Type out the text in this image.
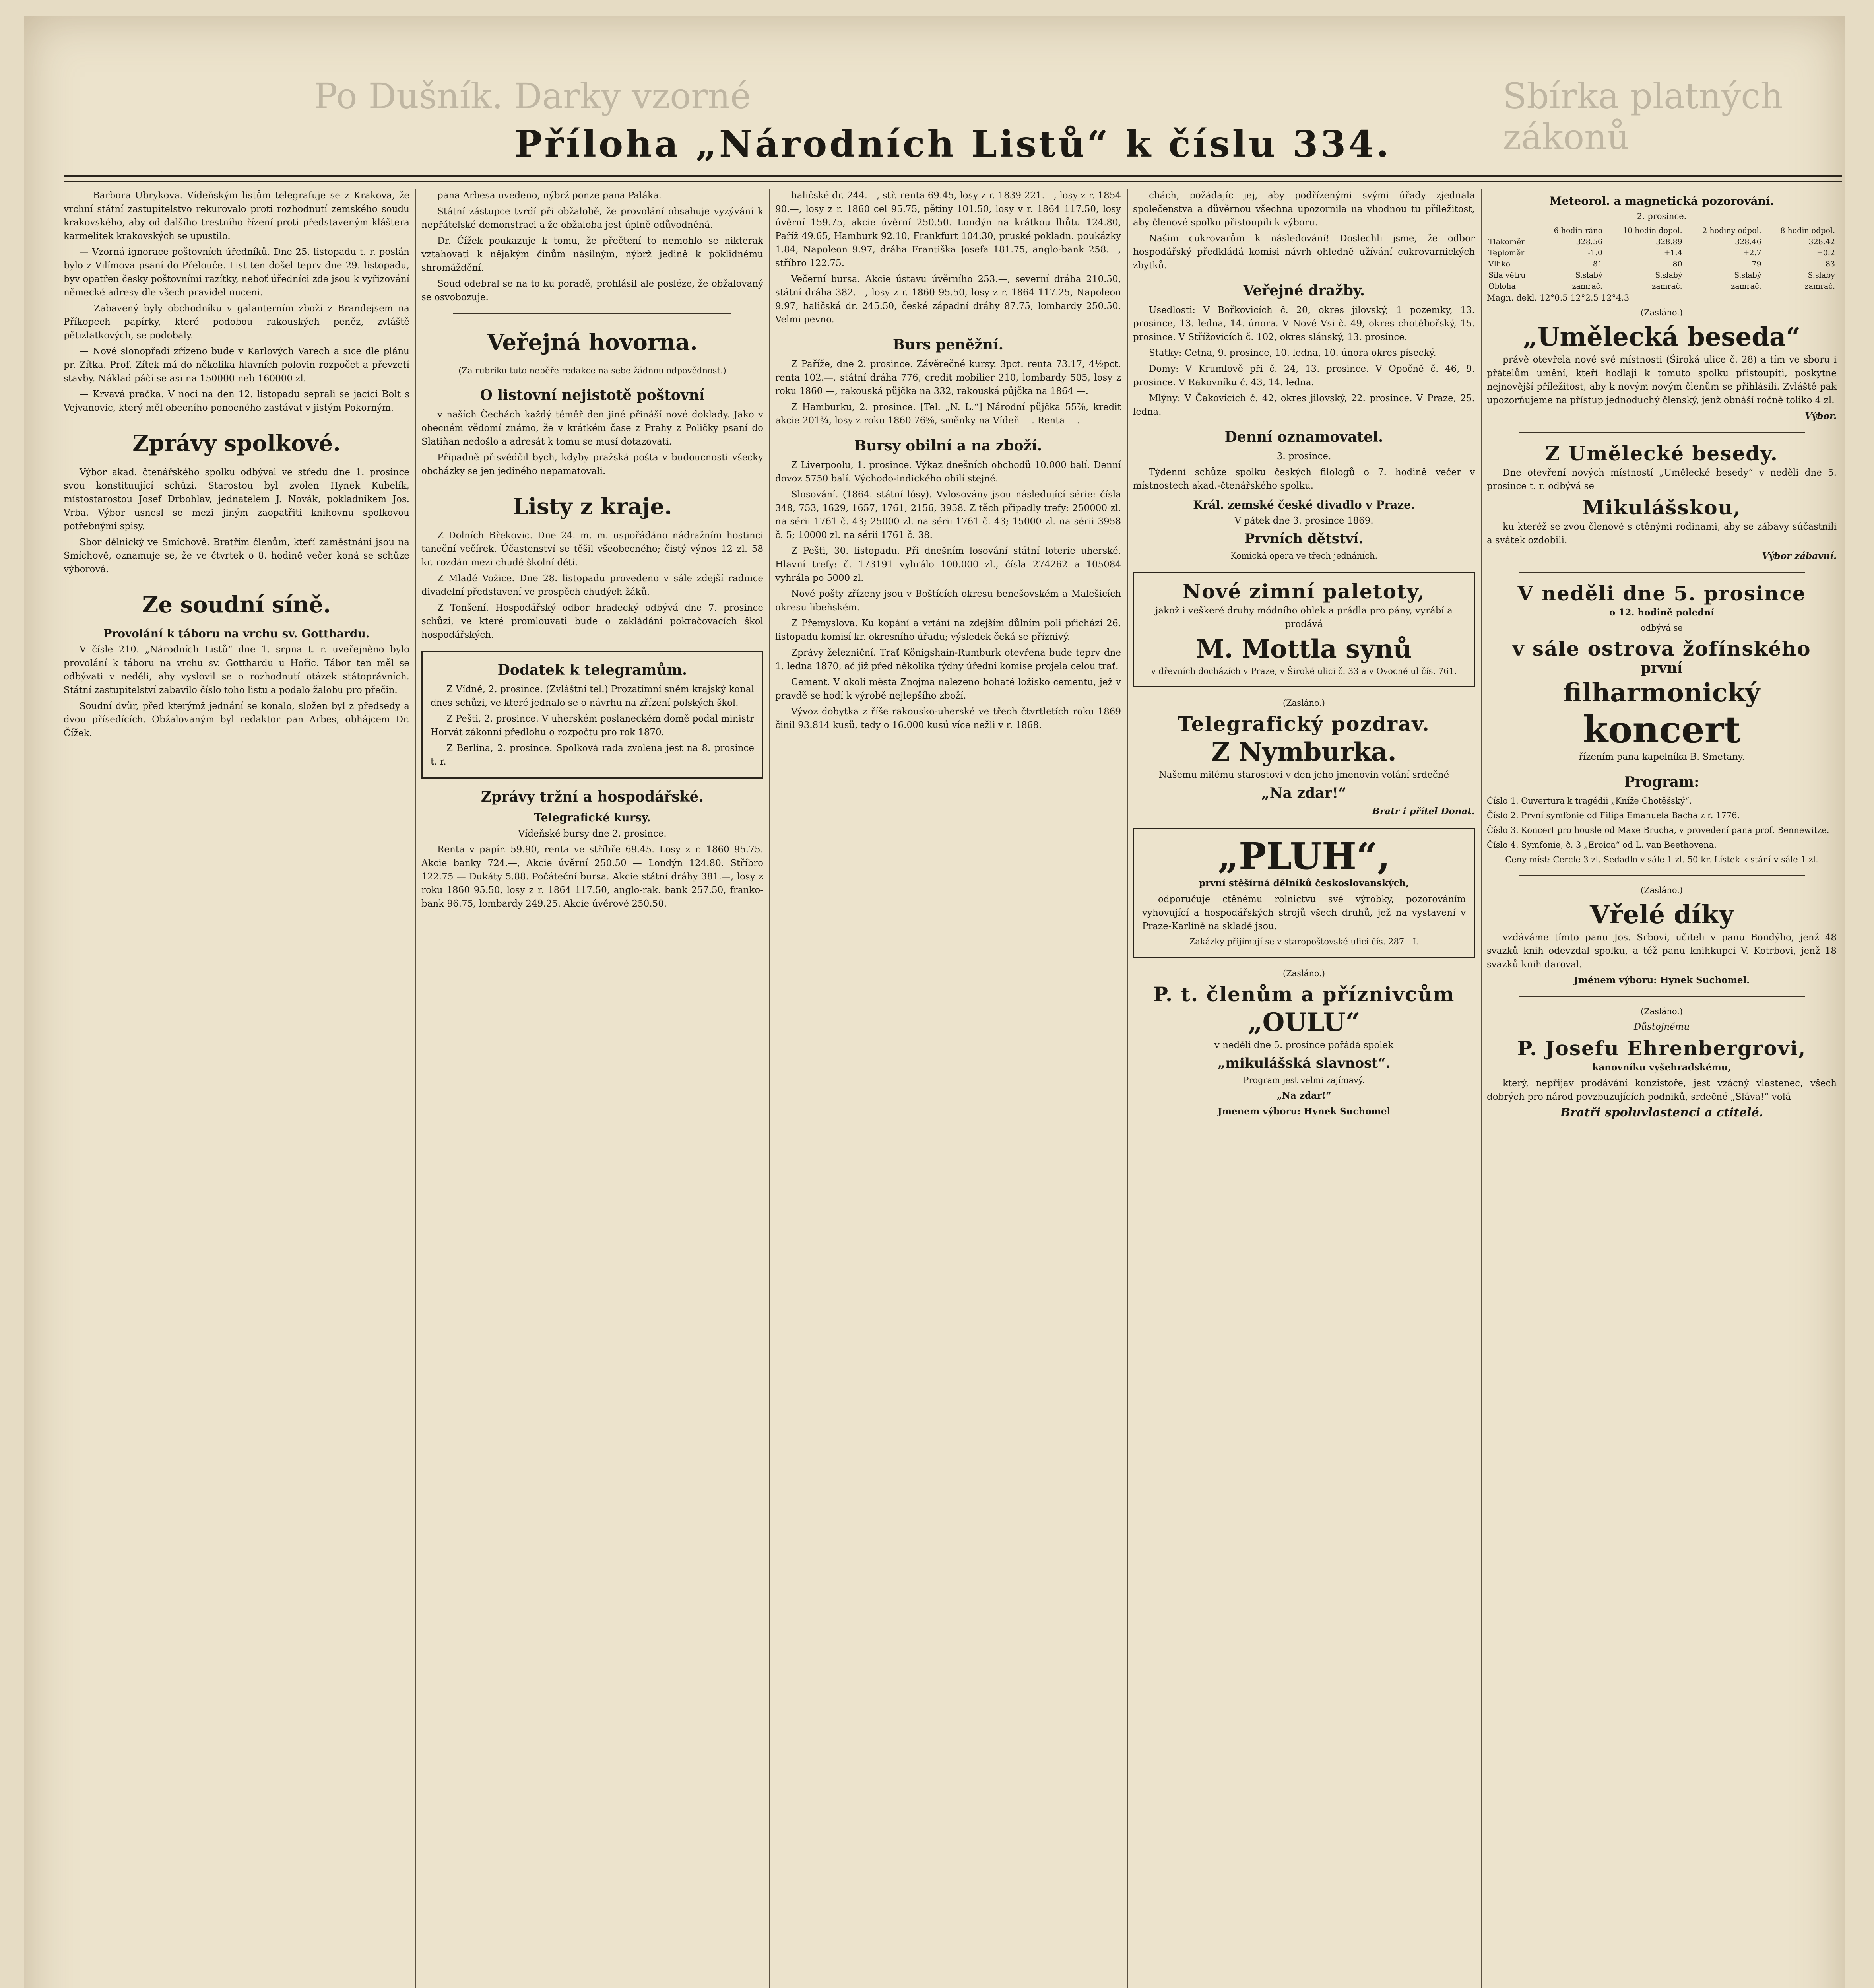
Po Dušník. Darky vzorné	Sbírka platných zákonů
Příloha „Národních Listů“ k číslu 334.

— Barbora Ubrykova. Vídeňským listům telegrafuje se z Krakova, že vrchní státní zastupitelstvo rekurovalo proti rozhodnutí zemského soudu krakovského, aby od dalšího trestního řízení proti představeným kláštera karmelitek krakovských se upustilo.

— Vzorná ignorace poštovních úředníků. Dne 25. listopadu t. r. poslán bylo z Vilímova psaní do Přelouče. List ten došel teprv dne 29. listopadu, byv opatřen česky poštovními razítky, neboť úředníci zde jsou k vyřizování německé adresy dle všech pravidel nuceni.

— Zabavený byly obchodníku v galanterním zboží z Brandejsem na Příkopech papírky, které podobou rakouských peněz, zvláště pětizlatkových, se podobaly.

— Nové slonopřadí zřízeno bude v Karlových Varech a sice dle plánu pr. Zítka. Prof. Zítek má do několika hlavních polovin rozpočet a převzetí stavby. Náklad páčí se asi na 150000 neb 160000 zl.

— Krvavá pračka. V noci na den 12. listopadu seprali se jacíci Bolt s Vejvanovic, který měl obecního ponocného zastávat v jistým Pokorným.

Zprávy spolkové.

Výbor akad. čtenářského spolku odbýval ve středu dne 1. prosince svou konstituující schůzi. Starostou byl zvolen Hynek Kubelík, místostarostou Josef Drbohlav, jednatelem J. Novák, pokladníkem Jos. Vrba. Výbor usnesl se mezi jiným zaopatřiti knihovnu spolkovou potřebnými spisy.

Sbor dělnický ve Smíchově. Bratřím členům, kteří zaměstnáni jsou na Smíchově, oznamuje se, že ve čtvrtek o 8. hodině večer koná se schůze výborová.

Ze soudní síně.
Provolání k táboru na vrchu sv. Gotthardu.

V čísle 210. „Národních Listů“ dne 1. srpna t. r. uveřejněno bylo provolání k táboru na vrchu sv. Gotthardu u Hořic. Tábor ten měl se odbývati v neděli, aby vyslovil se o rozhodnutí otázek státoprávních. Státní zastupitelství zabavilo číslo toho listu a podalo žalobu pro přečin.

Soudní dvůr, před kterýmž jednání se konalo, složen byl z předsedy a dvou přísedících. Obžalovaným byl redaktor pan Arbes, obhájcem Dr. Čížek.

pana Arbesa uvedeno, nýbrž ponze pana Paláka.

Státní zástupce tvrdí při obžalobě, že provolání obsahuje vyzývání k nepřátelské demonstraci a že obžaloba jest úplně odůvodněná.

Dr. Čížek poukazuje k tomu, že přečtení to nemohlo se nikterak vztahovati k nějakým činům násilným, nýbrž jedině k poklidnému shromáždění.

Soud odebral se na to ku poradě, prohlásil ale posléze, že obžalovaný se osvobozuje.

Veřejná hovorna.

(Za rubriku tuto neběře redakce na sebe žádnou odpovědnost.)

O listovní nejistotě poštovní

v naších Čechách každý téměř den jiné přináší nové doklady. Jako v obecném vědomí známo, že v krátkém čase z Prahy z Poličky psaní do Slatiňan nedošlo a adresát k tomu se musí dotazovati.

Případně přisvědčil bych, kdyby pražská pošta v budoucnosti všecky obcházky se jen jediného nepamatovali.

Listy z kraje.

Z Dolních Břekovic. Dne 24. m. m. uspořádáno nádražním hostinci taneční večírek. Účastenství se těšil všeobecného; čistý výnos 12 zl. 58 kr. rozdán mezi chudé školní děti.

Z Mladé Vožice. Dne 28. listopadu provedeno v sále zdejší radnice divadelní představení ve prospěch chudých žáků.

Z Tonšení. Hospodářský odbor hradecký odbývá dne 7. prosince schůzi, ve které promlouvati bude o zakládání pokračovacích škol hospodářských.

Dodatek k telegramům.

Z Vídně, 2. prosince. (Zvláštní tel.) Prozatímní sněm krajský konal dnes schůzi, ve které jednalo se o návrhu na zřízení polských škol.

Z Pešti, 2. prosince. V uherském poslaneckém domě podal ministr Horvát zákonní předlohu o rozpočtu pro rok 1870.

Z Berlína, 2. prosince. Spolková rada zvolena jest na 8. prosince t. r.

Zprávy tržní a hospodářské.
Telegrafické kursy.

Vídeňské bursy dne 2. prosince.

Renta v papír. 59.90, renta ve stříbře 69.45. Losy z r. 1860 95.75. Akcie banky 724.—, Akcie úvěrní 250.50 — Londýn 124.80. Stříbro 122.75 — Dukáty 5.88. Počáteční bursa. Akcie státní dráhy 381.—, losy z roku 1860 95.50, losy z r. 1864 117.50, anglo-rak. bank 257.50, franko-bank 96.75, lombardy 249.25. Akcie úvěrové 250.50.

haličské dr. 244.—, stř. renta 69.45, losy z r. 1839 221.—, losy z r. 1854 90.—, losy z r. 1860 cel 95.75, pětiny 101.50, losy v r. 1864 117.50, losy úvěrní 159.75, akcie úvěrní 250.50. Londýn na krátkou lhůtu 124.80, Paříž 49.65, Hamburk 92.10, Frankfurt 104.30, pruské pokladn. poukázky 1.84, Napoleon 9.97, dráha Františka Josefa 181.75, anglo-bank 258.—, stříbro 122.75.

Večerní bursa. Akcie ústavu úvěrního 253.—, severní dráha 210.50, státní dráha 382.—, losy z r. 1860 95.50, losy z r. 1864 117.25, Napoleon 9.97, haličská dr. 245.50, české západní dráhy 87.75, lombardy 250.50. Velmi pevno.

Burs peněžní.

Z Paříže, dne 2. prosince. Závěrečné kursy. 3pct. renta 73.17, 4½pct. renta 102.—, státní dráha 776, credit mobilier 210, lombardy 505, losy z roku 1860 —, rakouská půjčka na 332, rakouská půjčka na 1864 —.

Z Hamburku, 2. prosince. [Tel. „N. L.“] Národní půjčka 55⅞, kredit akcie 201¾, losy z roku 1860 76⅝, směnky na Vídeň —. Renta —.

Bursy obilní a na zboží.

Z Liverpoolu, 1. prosince. Výkaz dnešních obchodů 10.000 balí. Denní dovoz 5750 balí. Východo-indického obilí stejné.

Slosování. (1864. státní lósy). Vylosovány jsou následující série: čísla 348, 753, 1629, 1657, 1761, 2156, 3958. Z těch připadly trefy: 250000 zl. na sérii 1761 č. 43; 25000 zl. na sérii 1761 č. 43; 15000 zl. na sérii 3958 č. 5; 10000 zl. na sérii 1761 č. 38.

Z Pešti, 30. listopadu. Při dnešním losování státní loterie uherské. Hlavní trefy: č. 173191 vyhrálo 100.000 zl., čísla 274262 a 105084 vyhrála po 5000 zl.

Nové pošty zřízeny jsou v Boštících okresu benešovském a Malešicích okresu libeňském.

Z Přemyslova. Ku kopání a vrtání na zdejším důlním poli přichází 26. listopadu komisí kr. okresního úřadu; výsledek čeká se příznivý.

Zprávy železniční. Trať Königshain-Rumburk otevřena bude teprv dne 1. ledna 1870, ač již před několika týdny úřední komise projela celou trať.

Cement. V okolí města Znojma nalezeno bohaté ložisko cementu, jež v pravdě se hodí k výrobě nejlepšího zboží.

Vývoz dobytka z říše rakousko-uherské ve třech čtvrtletích roku 1869 činil 93.814 kusů, tedy o 16.000 kusů více nežli v r. 1868.

chách, požádajíc jej, aby podřízenými svými úřady zjednala společenstva a důvěrnou všechna upozornila na vhodnou tu příležitost, aby členové spolku přistoupili k výboru.

Našim cukrovarům k následování! Doslechli jsme, že odbor hospodářský předkládá komisi návrh ohledně užívání cukrovarnických zbytků.

Veřejné dražby.

Usedlosti: V Bořkovicích č. 20, okres jilovský, 1 pozemky, 13. prosince, 13. ledna, 14. února. V Nové Vsi č. 49, okres chotěbořský, 15. prosince. V Střížovicích č. 102, okres slánský, 13. prosince.

Statky: Cetna, 9. prosince, 10. ledna, 10. února okres písecký.

Domy: V Krumlově při č. 24, 13. prosince. V Opočně č. 46, 9. prosince. V Rakovníku č. 43, 14. ledna.

Mlýny: V Čakovicích č. 42, okres jilovský, 22. prosince. V Praze, 25. ledna.

Denní oznamovatel.

3. prosince.

Týdenní schůze spolku českých filologů o 7. hodině večer v místnostech akad.-čtenářského spolku.

Král. zemské české divadlo v Praze.

V pátek dne 3. prosince 1869.

Prvních dětství.

Komická opera ve třech jednáních.

Nové zimní paletoty,

jakož i veškeré druhy módního oblek a prádla pro pány, vyrábí a prodává

M. Mottla synů

v dřevních docházích v Praze, v Široké ulici č. 33 a v Ovocné ul čís. 761.

(Zasláno.)

Telegrafický pozdrav.
Z Nymburka.

Našemu milému starostovi v den jeho jmenovin volání srdečné

„Na zdar!“

Bratr i přítel Donat.

„PLUH“,

první stěšírná dělníků českoslovanských,

odporučuje ctěnému rolnictvu své výrobky, pozorováním vyhovující a hospodářských strojů všech druhů, jež na vystavení v Praze-Karlíně na skladě jsou.

Zakázky přijímají se v staropoštovské ulici čís. 287—I.

(Zasláno.)

P. t. členům a příznivcům
„OULU“

v neděli dne 5. prosince pořádá spolek

„mikulášská slavnost“.

Program jest velmi zajímavý.

„Na zdar!“

Jmenem výboru: Hynek Suchomel

Meteorol. a magnetická pozorování.

2. prosince.

	6 hodin ráno	10 hodin dopol.	2 hodiny odpol.	8 hodin odpol.
Tlakoměr	328.56	328.89	328.46	328.42
Teploměr	-1.0	+1.4	+2.7	+0.2
Vlhko	81	80	79	83
Síla větru	S.slabý	S.slabý	S.slabý	S.slabý
Obloha	zamrač.	zamrač.	zamrač.	zamrač.

Magn. dekl. 12°0.5 12°2.5 12°4.3

(Zasláno.)

„Umělecká beseda“

právě otevřela nové své místnosti (Široká ulice č. 28) a tím ve sboru i přátelům umění, kteří hodlají k tomuto spolku přistoupiti, poskytne nejnovější příležitost, aby k novým novým členům se přihlásili. Zvláště pak upozorňujeme na přístup jednoduchý členský, jenž obnáší ročně toliko 4 zl.

Výbor.

Z Umělecké besedy.

Dne otevření nových místností „Umělecké besedy“ v neděli dne 5. prosince t. r. odbývá se

Mikulášskou,

ku kteréž se zvou členové s ctěnými rodinami, aby se zábavy súčastnili a svátek ozdobili.

Výbor zábavní.

V neděli dne 5. prosince

o 12. hodině polední

odbývá se

v sále ostrova žofínského

první

filharmonický
koncert

řízením pana kapelníka B. Smetany.

Program:

Číslo 1. Ouvertura k tragédii „Kníže Chotěšský“.

Číslo 2. První symfonie od Filipa Emanuela Bacha z r. 1776.

Číslo 3. Koncert pro housle od Maxe Brucha, v provedení pana prof. Bennewitze.

Číslo 4. Symfonie, č. 3 „Eroica“ od L. van Beethovena.

Ceny míst: Cercle 3 zl. Sedadlo v sále 1 zl. 50 kr. Lístek k stání v sále 1 zl.

(Zasláno.)

Vřelé díky

vzdáváme tímto panu Jos. Srbovi, učiteli v panu Bondýho, jenž 48 svazků knih odevzdal spolku, a též panu knihkupci V. Kotrbovi, jenž 18 svazků knih daroval.

Jménem výboru: Hynek Suchomel.

(Zasláno.)

Důstojnému

P. Josefu Ehrenbergrovi,

kanovníku vyšehradskému,

který, nepřijav prodávání konzistoře, jest vzácný vlastenec, všech dobrých pro národ povzbuzujících podniků, srdečné „Sláva!“ volá

Bratři spoluvlastenci a ctitelé.
